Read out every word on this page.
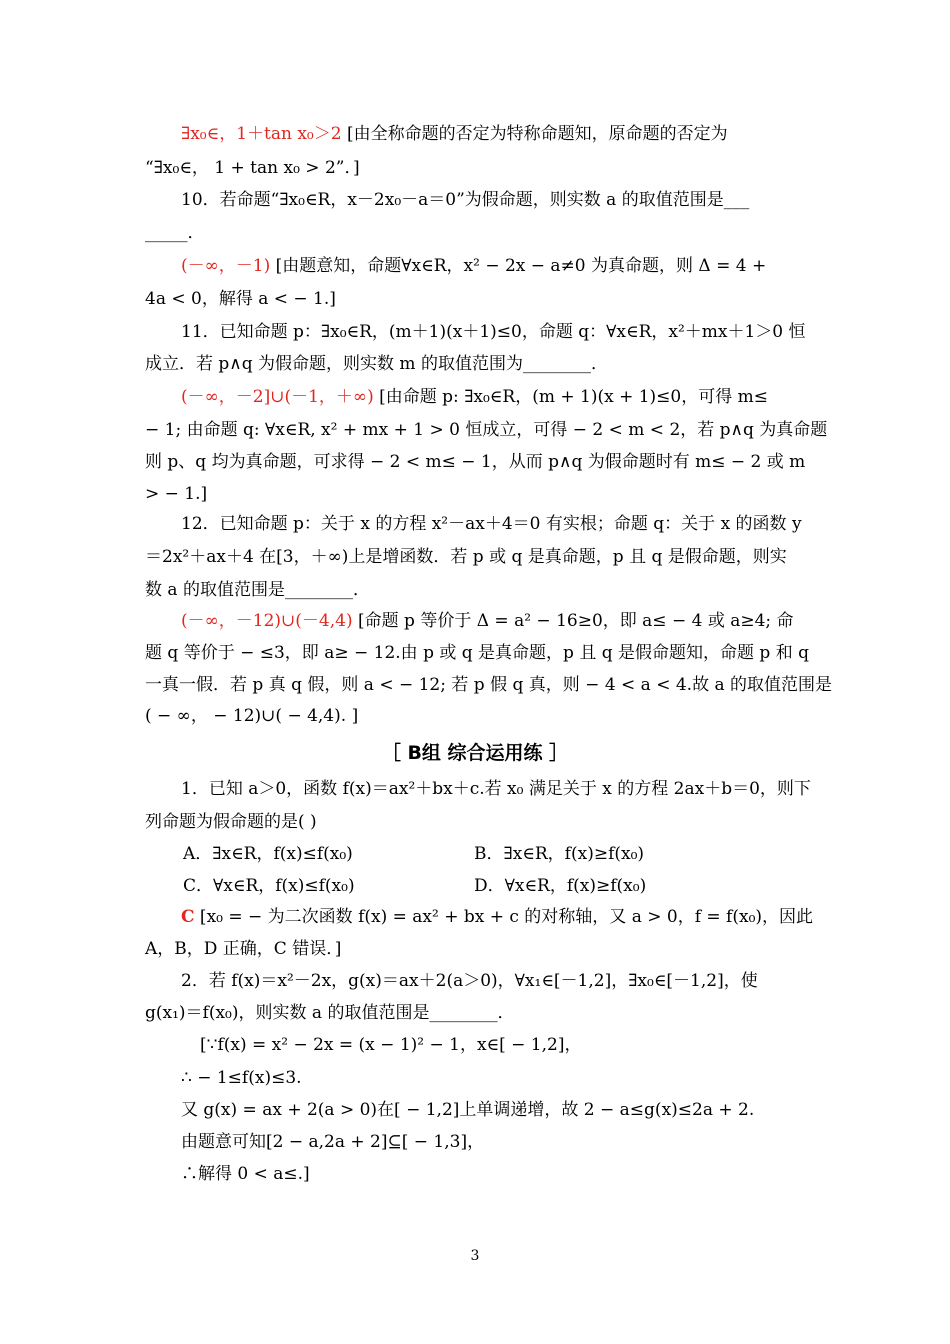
∃x₀∈，1＋tan x₀＞2 [由全称命题的否定为特称命题知，原命题的否定为
“∃x₀∈， 1 + tan x₀ > 2”．]
10．若命题“∃x₀∈R，x－2x₀－a＝0”为假命题，则实数 a 的取值范围是___
_____．
(－∞，－1) [由题意知，命题∀x∈R，x² − 2x − a≠0 为真命题，则 Δ = 4 +
4a < 0，解得 a < − 1.]
11．已知命题 p：∃x₀∈R，(m＋1)(x＋1)≤0，命题 q：∀x∈R，x²＋mx＋1＞0 恒
成立．若 p∧q 为假命题，则实数 m 的取值范围为________．
(－∞，－2]∪(－1，＋∞) [由命题 p: ∃x₀∈R，(m + 1)(x + 1)≤0，可得 m≤
− 1; 由命题 q: ∀x∈R, x² + mx + 1 > 0 恒成立，可得 − 2 < m < 2，若 p∧q 为真命题
则 p、q 均为真命题，可求得 − 2 < m≤ − 1，从而 p∧q 为假命题时有 m≤ − 2 或 m
> − 1.]
12．已知命题 p：关于 x 的方程 x²－ax＋4＝0 有实根；命题 q：关于 x 的函数 y
＝2x²＋ax＋4 在[3，＋∞)上是增函数．若 p 或 q 是真命题，p 且 q 是假命题，则实
数 a 的取值范围是________．
(－∞，－12)∪(－4,4) [命题 p 等价于 Δ = a² − 16≥0，即 a≤ − 4 或 a≥4; 命
题 q 等价于 − ≤3，即 a≥ − 12.由 p 或 q 是真命题，p 且 q 是假命题知，命题 p 和 q
一真一假．若 p 真 q 假，则 a < − 12; 若 p 假 q 真，则 − 4 < a < 4.故 a 的取值范围是
( − ∞， − 12)∪( − 4,4). ]
［ B组 综合运用练 ］
1．已知 a＞0，函数 f(x)＝ax²＋bx＋c.若 x₀ 满足关于 x 的方程 2ax＋b＝0，则下
列命题为假命题的是( )
A．∃x∈R，f(x)≤f(x₀)	B．∃x∈R，f(x)≥f(x₀)
C．∀x∈R，f(x)≤f(x₀)	D．∀x∈R，f(x)≥f(x₀)
C [x₀ = − 为二次函数 f(x) = ax² + bx + c 的对称轴，又 a > 0，f = f(x₀)，因此
A，B，D 正确，C 错误．]
2．若 f(x)＝x²－2x，g(x)＝ax＋2(a＞0)，∀x₁∈[－1,2]，∃x₀∈[－1,2]，使
g(x₁)＝f(x₀)，则实数 a 的取值范围是________．
[∵f(x) = x² − 2x = (x − 1)² − 1，x∈[ − 1,2]，
∴ − 1≤f(x)≤3.
又 g(x) = ax + 2(a > 0)在[ − 1,2]上单调递增，故 2 − a≤g(x)≤2a + 2.
由题意可知[2 − a,2a + 2]⊆[ − 1,3]，
∴解得 0 < a≤.]
3
